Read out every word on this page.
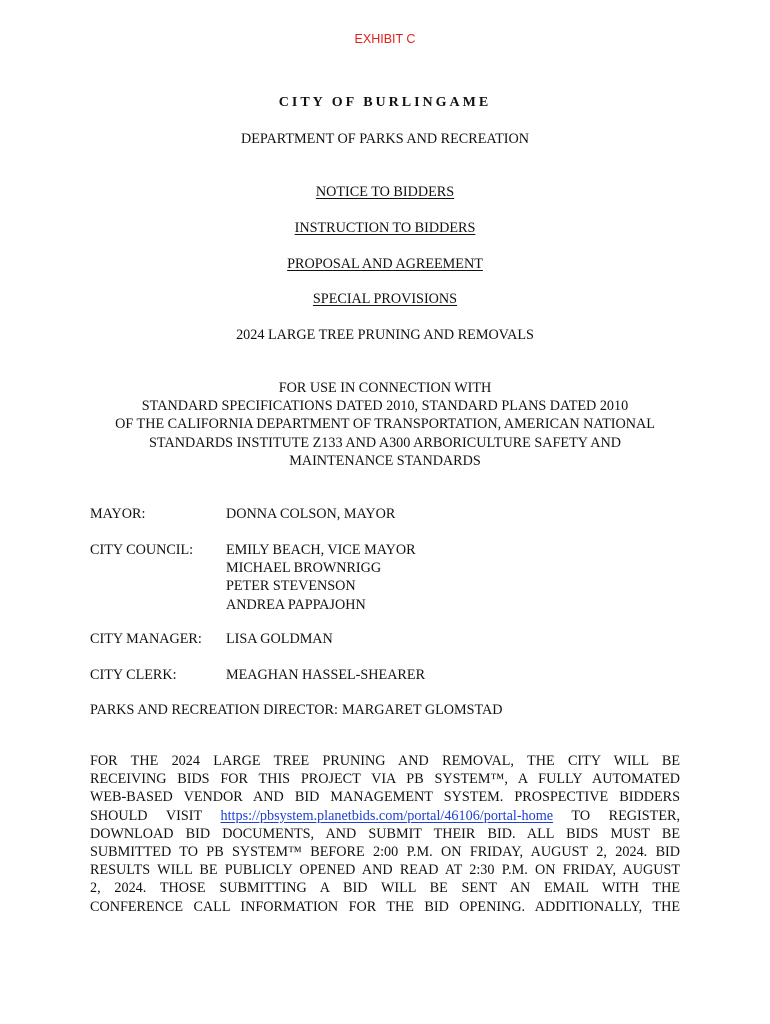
EXHIBIT C
CITY OF BURLINGAME
DEPARTMENT OF PARKS AND RECREATION
NOTICE TO BIDDERS
INSTRUCTION TO BIDDERS
PROPOSAL AND AGREEMENT
SPECIAL PROVISIONS
2024 LARGE TREE PRUNING AND REMOVALS
FOR USE IN CONNECTION WITH
STANDARD SPECIFICATIONS DATED 2010, STANDARD PLANS DATED 2010
OF THE CALIFORNIA DEPARTMENT OF TRANSPORTATION, AMERICAN NATIONAL
STANDARDS INSTITUTE Z133 AND A300 ARBORICULTURE SAFETY AND
MAINTENANCE STANDARDS
MAYOR:	DONNA COLSON, MAYOR
CITY COUNCIL: EMILY BEACH, VICE MAYOR
MICHAEL BROWNRIGG
PETER STEVENSON
ANDREA PAPPAJOHN
CITY MANAGER: LISA GOLDMAN
CITY CLERK:	MEAGHAN HASSEL-SHEARER
PARKS AND RECREATION DIRECTOR: MARGARET GLOMSTAD
FOR THE 2024 LARGE TREE PRUNING AND REMOVAL, THE CITY WILL BE
RECEIVING BIDS FOR THIS PROJECT VIA PB SYSTEM™, A FULLY AUTOMATED
WEB-BASED VENDOR AND BID MANAGEMENT SYSTEM. PROSPECTIVE BIDDERS
SHOULD VISIT https://pbsystem.planetbids.com/portal/46106/portal-home TO REGISTER,
DOWNLOAD BID DOCUMENTS, AND SUBMIT THEIR BID. ALL BIDS MUST BE
SUBMITTED TO PB SYSTEM™ BEFORE 2:00 P.M. ON FRIDAY, AUGUST 2, 2024. BID
RESULTS WILL BE PUBLICLY OPENED AND READ AT 2:30 P.M. ON FRIDAY, AUGUST
2, 2024. THOSE SUBMITTING A BID WILL BE SENT AN EMAIL WITH THE
CONFERENCE CALL INFORMATION FOR THE BID OPENING. ADDITIONALLY, THE
